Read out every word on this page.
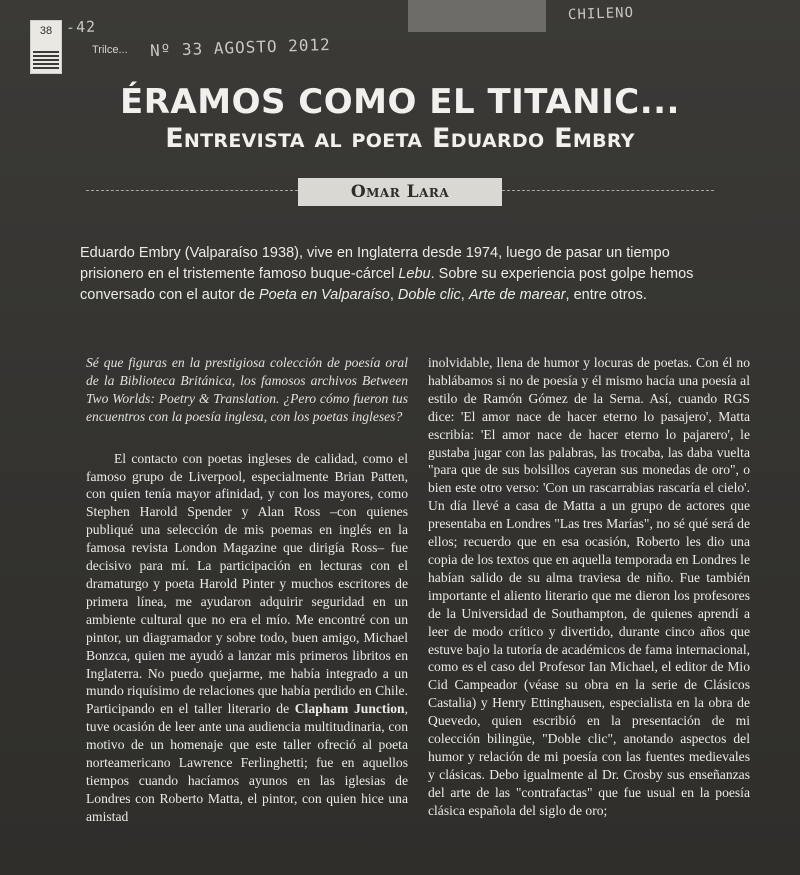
38 -42
Trilce... Nº 33 AGOSTO 2012
CHILENO
ÉRAMOS COMO EL TITANIC...
Entrevista al poeta Eduardo Embry
Omar Lara

Eduardo Embry (Valparaíso 1938), vive en Inglaterra desde 1974, luego de pasar un tiempo prisionero en el tristemente famoso buque-cárcel Lebu. Sobre su experiencia post golpe hemos conversado con el autor de Poeta en Valparaíso, Doble clic, Arte de marear, entre otros.

Sé que figuras en la prestigiosa colección de poesía oral de la Biblioteca Británica, los famosos archivos Between Two Worlds: Poetry & Translation. ¿Pero cómo fueron tus encuentros con la poesía inglesa, con los poetas ingleses?

El contacto con poetas ingleses de calidad, como el famoso grupo de Liverpool, especialmente Brian Patten, con quien tenía mayor afinidad, y con los mayores, como Stephen Harold Spender y Alan Ross –con quienes publiqué una selección de mis poemas en inglés en la famosa revista London Magazine que dirigía Ross– fue decisivo para mí. La participación en lecturas con el dramaturgo y poeta Harold Pinter y muchos escritores de primera línea, me ayudaron adquirir seguridad en un ambiente cultural que no era el mío. Me encontré con un pintor, un diagramador y sobre todo, buen amigo, Michael Bonzca, quien me ayudó a lanzar mis primeros libritos en Inglaterra. No puedo quejarme, me había integrado a un mundo riquísimo de relaciones que había perdido en Chile. Participando en el taller literario de Clapham Junction, tuve ocasión de leer ante una audiencia multitudinaria, con motivo de un homenaje que este taller ofreció al poeta norteamericano Lawrence Ferlinghetti; fue en aquellos tiempos cuando hacíamos ayunos en las iglesias de Londres con Roberto Matta, el pintor, con quien hice una amistad

inolvidable, llena de humor y locuras de poetas. Con él no hablábamos si no de poesía y él mismo hacía una poesía al estilo de Ramón Gómez de la Serna. Así, cuando RGS dice: 'El amor nace de hacer eterno lo pasajero', Matta escribía: 'El amor nace de hacer eterno lo pajarero', le gustaba jugar con las palabras, las trocaba, las daba vuelta "para que de sus bolsillos cayeran sus monedas de oro", o bien este otro verso: 'Con un rascarrabias rascaría el cielo'. Un día llevé a casa de Matta a un grupo de actores que presentaba en Londres "Las tres Marías", no sé qué será de ellos; recuerdo que en esa ocasión, Roberto les dio una copia de los textos que en aquella temporada en Londres le habían salido de su alma traviesa de niño. Fue también importante el aliento literario que me dieron los profesores de la Universidad de Southampton, de quienes aprendí a leer de modo crítico y divertido, durante cinco años que estuve bajo la tutoría de académicos de fama internacional, como es el caso del Profesor Ian Michael, el editor de Mio Cid Campeador (véase su obra en la serie de Clásicos Castalia) y Henry Ettinghausen, especialista en la obra de Quevedo, quien escribió en la presentación de mi colección bilingüe, "Doble clic", anotando aspectos del humor y relación de mi poesía con las fuentes medievales y clásicas. Debo igualmente al Dr. Crosby sus enseñanzas del arte de las "contrafactas" que fue usual en la poesía clásica española del siglo de oro;
